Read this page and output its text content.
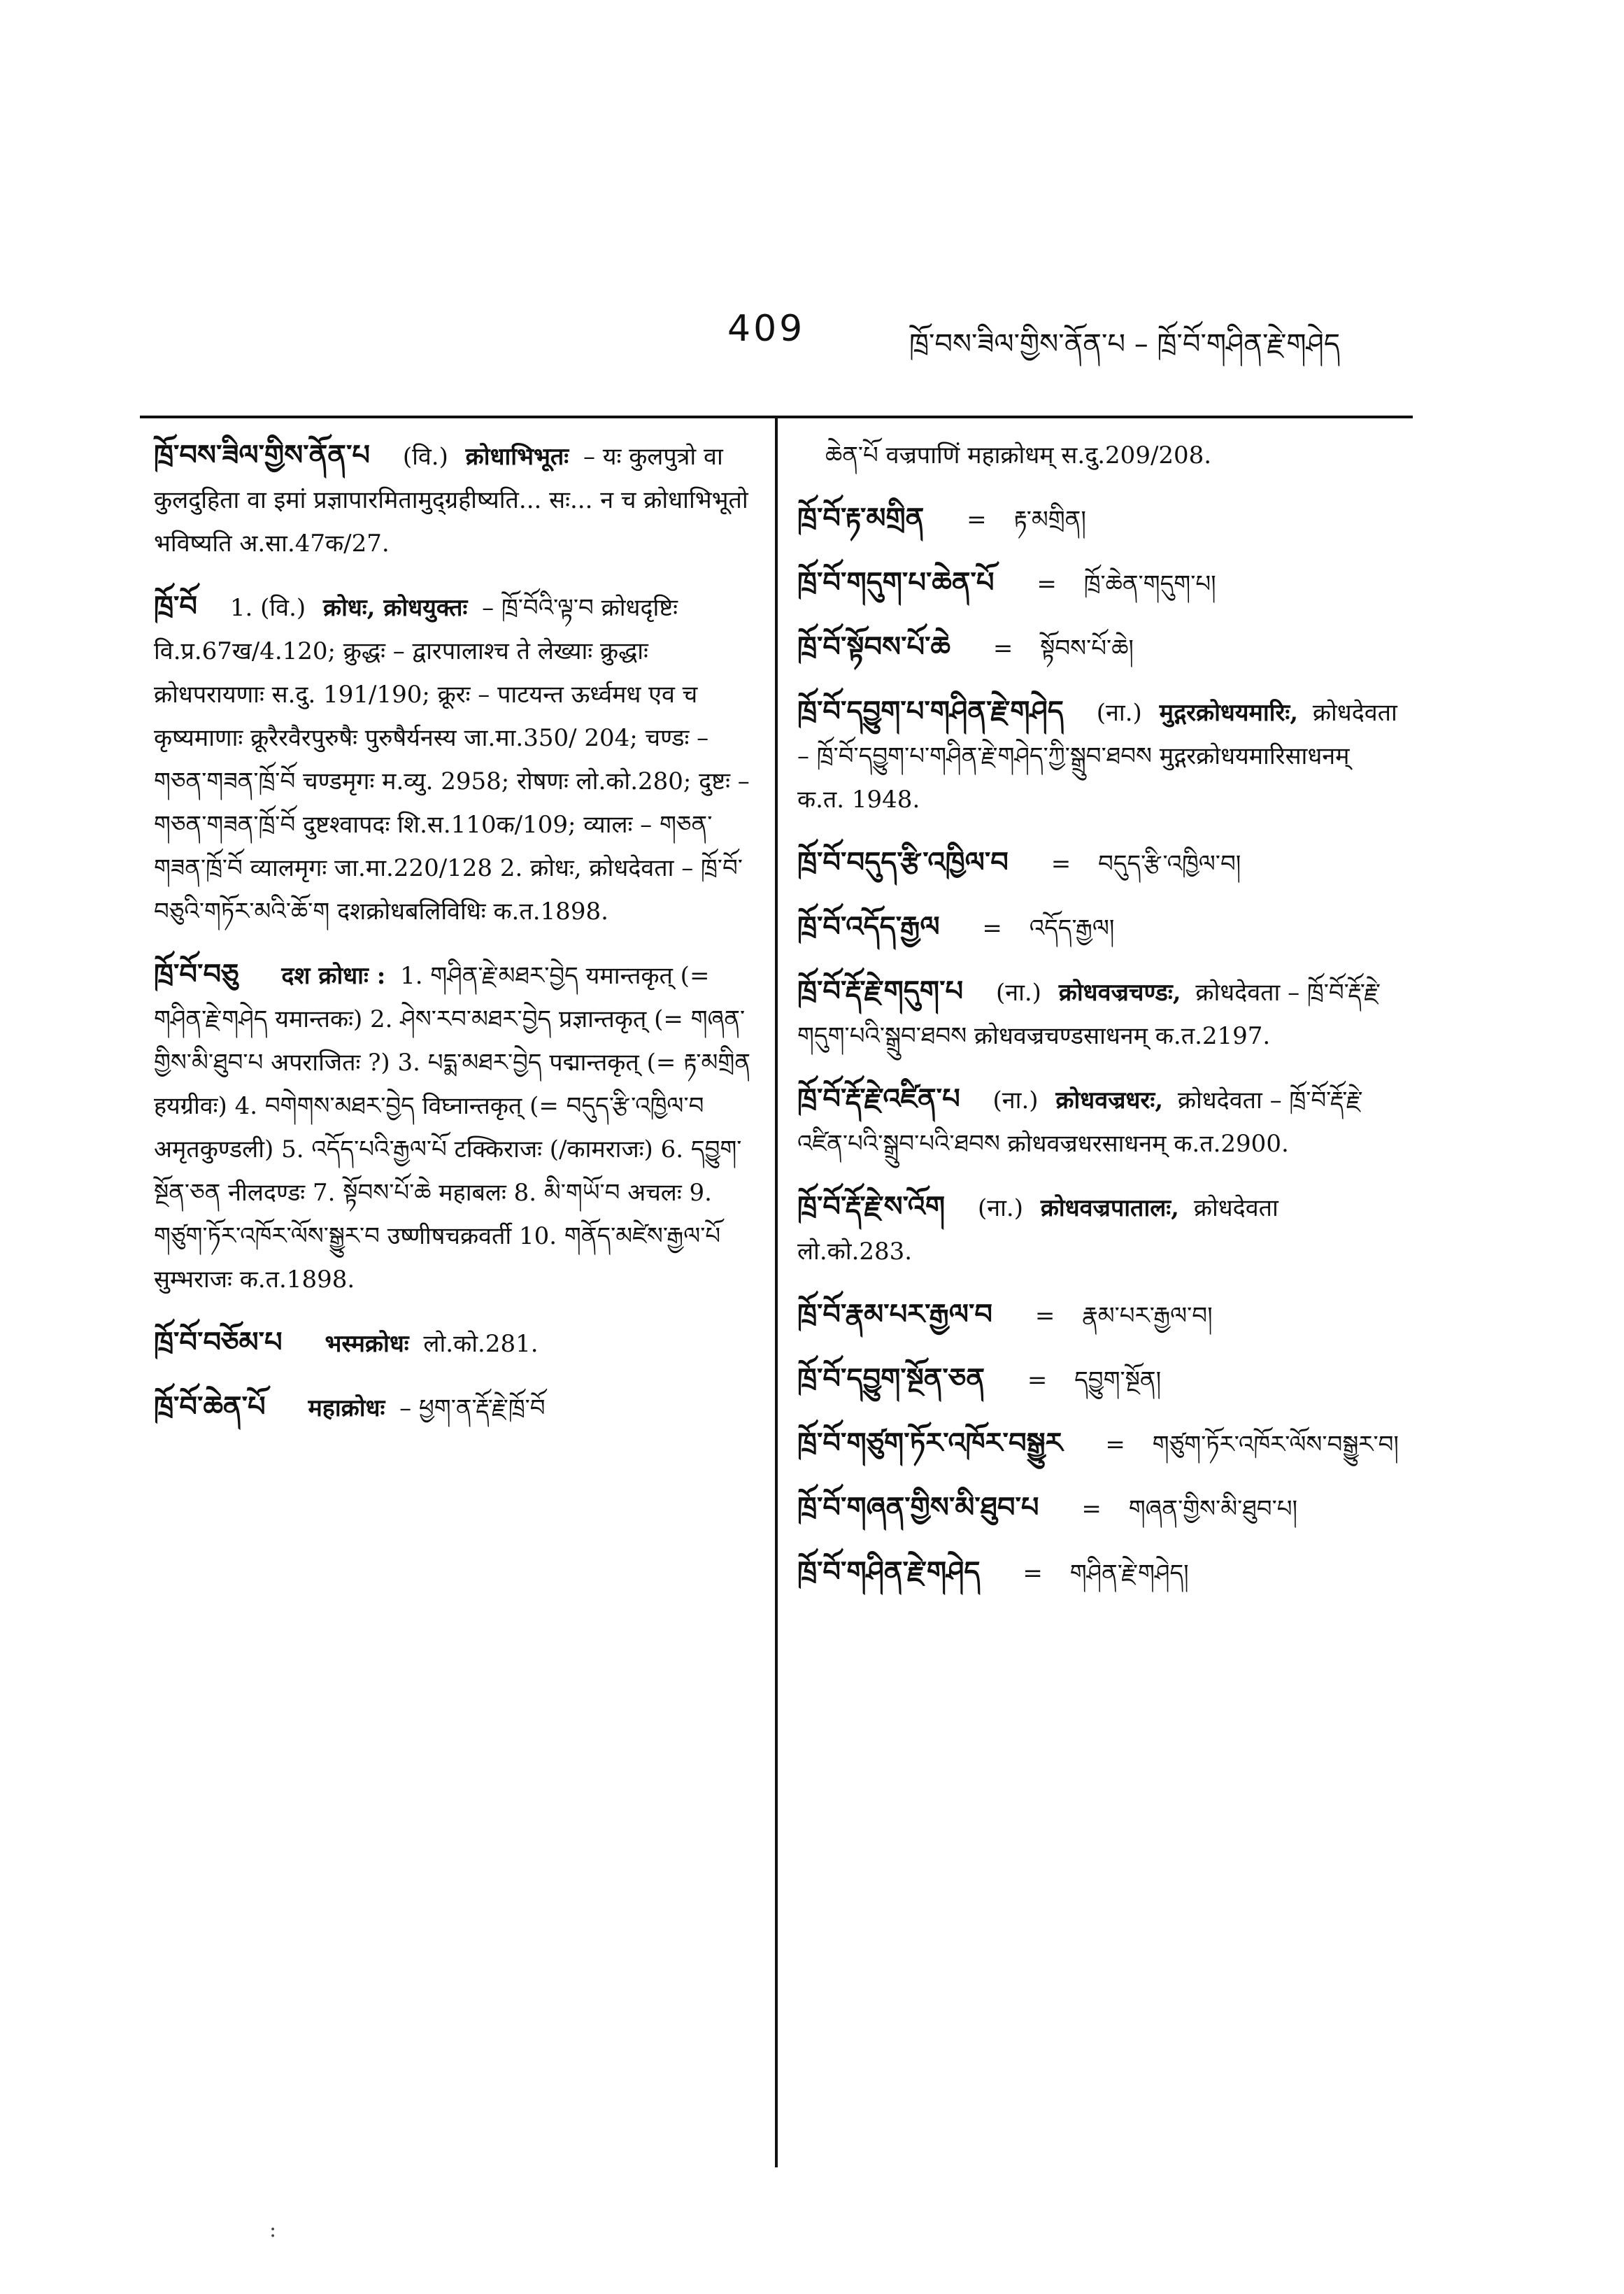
409	ཁྲོ་བས་ཟིལ་གྱིས་ནོན་པ – ཁྲོ་བོ་གཤིན་རྗེ་གཤེད
ཁྲོ་བས་ཟིལ་གྱིས་ནོན་པ (वि.) क्रोधाभिभूतः – यः कुलपुत्रो वा कुलदुहिता वा इमां प्रज्ञापारमितामुद्ग्रहीष्यति... सः... न च क्रोधाभिभूतो भविष्यति अ.सा.47क/27.
ཁྲོ་བོ 1. (वि.) क्रोधः, क्रोधयुक्तः – ཁྲོ་བོའི་ལྟ་བ क्रोधदृष्टिः वि.प्र.67ख/4.120; क्रुद्धः – द्वारपालाश्च ते लेख्याः क्रुद्धाः क्रोधपरायणाः स.दु. 191/190; क्रूरः – पाटयन्त ऊर्ध्वमध एव च कृष्यमाणाः क्रूरैरवैरपुरुषैः पुरुषैर्यनस्य जा.मा.350/ 204; चण्डः – གཅན་གཟན་ཁྲོ་བོ चण्डमृगः म.व्यु. 2958; रोषणः लो.को.280; दुष्टः – གཅན་གཟན་ཁྲོ་བོ दुष्टश्वापदः शि.स.110क/109; व्यालः – གཅན་གཟན་ཁྲོ་བོ व्यालमृगः जा.मा.220/128 2. क्रोधः, क्रोधदेवता – ཁྲོ་བོ་བཅུའི་གཏོར་མའི་ཆོ་ག दशक्रोधबलिविधिः क.त.1898.
ཁྲོ་བོ་བཅུ दश क्रोधाः : 1. གཤིན་རྗེ་མཐར་བྱེད यमान्तकृत् (= གཤིན་རྗེ་གཤེད यमान्तकः) 2. ཤེས་རབ་མཐར་བྱེད प्रज्ञान्तकृत् (= གཞན་གྱིས་མི་ཐུབ་པ अपराजितः ?) 3. པདྨ་མཐར་བྱེད पद्मान्तकृत् (= རྟ་མགྲིན हयग्रीवः) 4. བགེགས་མཐར་བྱེད विघ्नान्तकृत् (= བདུད་རྩི་འཁྱིལ་བ अमृतकुण्डली) 5. འདོད་པའི་རྒྱལ་པོ टक्किराजः (/कामराजः) 6. དབྱུག་སྔོན་ཅན नीलदण्डः 7. སྟོབས་པོ་ཆེ महाबलः 8. མི་གཡོ་བ अचलः 9. གཙུག་ཏོར་འཁོར་ལོས་སྒྱུར་བ उष्णीषचक्रवर्ती 10. གནོད་མཛེས་རྒྱལ་པོ सुम्भराजः क.त.1898.
ཁྲོ་བོ་བཅོམ་པ भस्मक्रोधः लो.को.281.
ཁྲོ་བོ་ཆེན་པོ महाक्रोधः – ཕྱག་ན་རྡོ་རྗེ་ཁྲོ་བོ
ཆེན་པོ वज्रपाणिं महाक्रोधम् स.दु.209/208.
ཁྲོ་བོ་རྟ་མགྲིན = རྟ་མགྲིན།
ཁྲོ་བོ་གདུག་པ་ཆེན་པོ = ཁྲོ་ཆེན་གདུག་པ།
ཁྲོ་བོ་སྟོབས་པོ་ཆེ = སྟོབས་པོ་ཆེ།
ཁྲོ་བོ་དབྱུག་པ་གཤིན་རྗེ་གཤེད (ना.) मुद्गरक्रोधयमारिः, क्रोधदेवता – ཁྲོ་བོ་དབྱུག་པ་གཤིན་རྗེ་གཤེད་ཀྱི་སྒྲུབ་ཐབས मुद्गरक्रोधयमारिसाधनम् क.त. 1948.
ཁྲོ་བོ་བདུད་རྩི་འཁྱིལ་བ = བདུད་རྩི་འཁྱིལ་བ།
ཁྲོ་བོ་འདོད་རྒྱལ = འདོད་རྒྱལ།
ཁྲོ་བོ་རྡོ་རྗེ་གདུག་པ (ना.) क्रोधवज्रचण्डः, क्रोधदेवता – ཁྲོ་བོ་རྡོ་རྗེ་གདུག་པའི་སྒྲུབ་ཐབས क्रोधवज्रचण्डसाधनम् क.त.2197.
ཁྲོ་བོ་རྡོ་རྗེ་འཛིན་པ (ना.) क्रोधवज्रधरः, क्रोधदेवता – ཁྲོ་བོ་རྡོ་རྗེ་འཛིན་པའི་སྒྲུབ་པའི་ཐབས क्रोधवज्रधरसाधनम् क.त.2900.
ཁྲོ་བོ་རྡོ་རྗེ་ས་འོག (ना.) क्रोधवज्रपातालः, क्रोधदेवता लो.को.283.
ཁྲོ་བོ་རྣམ་པར་རྒྱལ་བ = རྣམ་པར་རྒྱལ་བ།
ཁྲོ་བོ་དབྱུག་སྔོན་ཅན = དབྱུག་སྔོན།
ཁྲོ་བོ་གཙུག་ཏོར་འཁོར་བསྒྱུར = གཙུག་ཏོར་འཁོར་ལོས་བསྒྱུར་བ།
ཁྲོ་བོ་གཞན་གྱིས་མི་ཐུབ་པ = གཞན་གྱིས་མི་ཐུབ་པ།
ཁྲོ་བོ་གཤིན་རྗེ་གཤེད = གཤིན་རྗེ་གཤེད།
:
